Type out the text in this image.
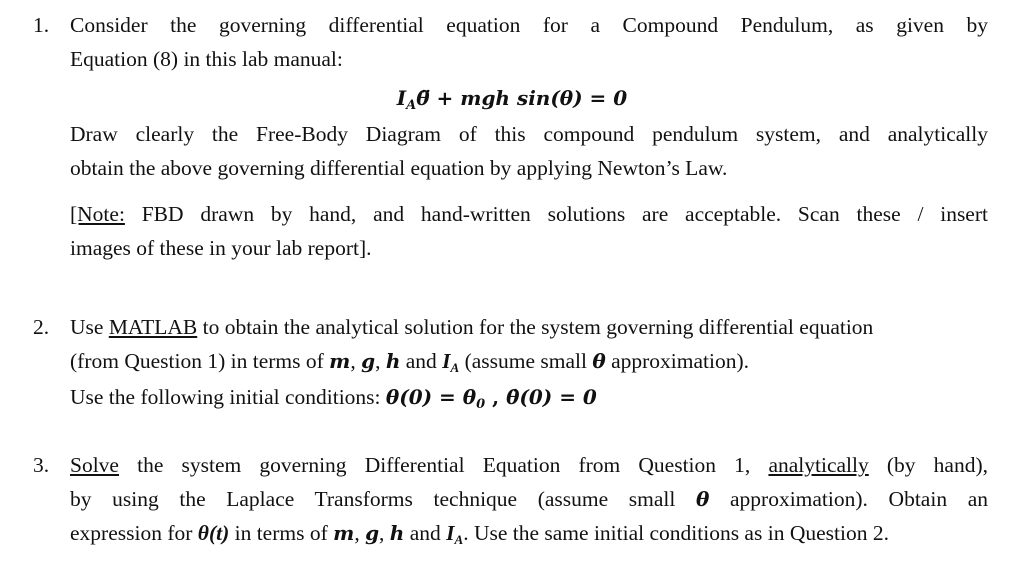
1. Consider the governing differential equation for a Compound Pendulum, as given by
Equation (8) in this lab manual:
$I_A\thetä$ + mgh sin(θ) = 0
Draw clearly the Free-Body Diagram of this compound pendulum system, and analytically
obtain the above governing differential equation by applying Newton’s Law.
[Note: FBD drawn by hand, and hand-written solutions are acceptable. Scan these / insert
images of these in your lab report].
2. Use MATLAB to obtain the analytical solution for the system governing differential equation
(from Question 1) in terms of m, g, h and $I_A$ (assume small θ approximation).
Use the following initial conditions: $\theta(0) = \theta_0$ , θ̇(0) = 0
3. Solve the system governing Differential Equation from Question 1, analytically (by hand),
by using the Laplace Transforms technique (assume small θ approximation). Obtain an
expression for θ(t) in terms of m, g, h and $I_A$. Use the same initial conditions as in Question 2.
